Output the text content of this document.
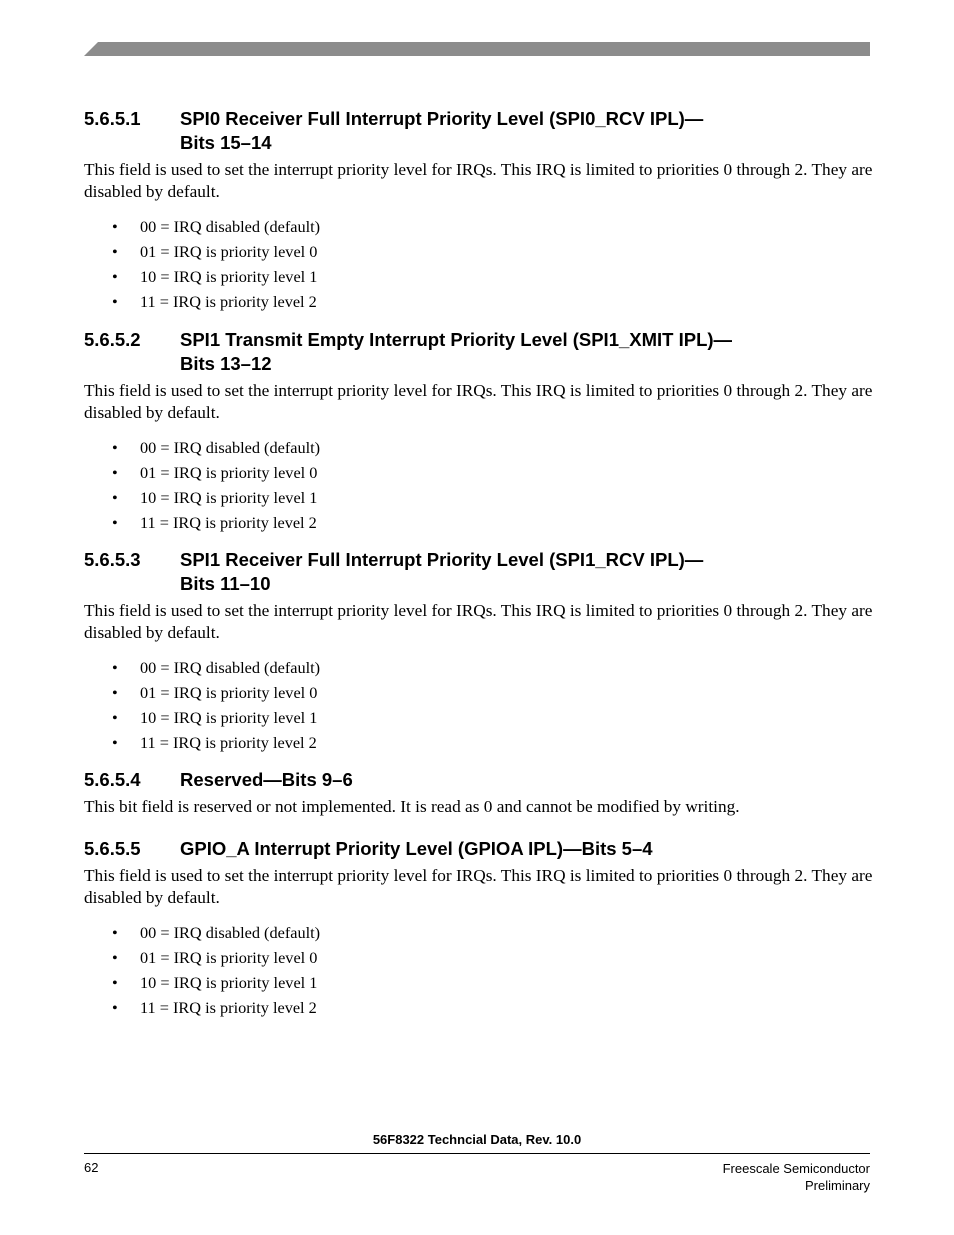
5.6.5.1 SPI0 Receiver Full Interrupt Priority Level (SPI0_RCV IPL)—
Bits 15–14
This field is used to set the interrupt priority level for IRQs. This IRQ is limited to priorities 0 through 2. They are disabled by default.
• 00 = IRQ disabled (default)
• 01 = IRQ is priority level 0
• 10 = IRQ is priority level 1
• 11 = IRQ is priority level 2
5.6.5.2 SPI1 Transmit Empty Interrupt Priority Level (SPI1_XMIT IPL)—
Bits 13–12
This field is used to set the interrupt priority level for IRQs. This IRQ is limited to priorities 0 through 2. They are disabled by default.
• 00 = IRQ disabled (default)
• 01 = IRQ is priority level 0
• 10 = IRQ is priority level 1
• 11 = IRQ is priority level 2
5.6.5.3 SPI1 Receiver Full Interrupt Priority Level (SPI1_RCV IPL)—
Bits 11–10
This field is used to set the interrupt priority level for IRQs. This IRQ is limited to priorities 0 through 2. They are disabled by default.
• 00 = IRQ disabled (default)
• 01 = IRQ is priority level 0
• 10 = IRQ is priority level 1
• 11 = IRQ is priority level 2
5.6.5.4 Reserved—Bits 9–6
This bit field is reserved or not implemented. It is read as 0 and cannot be modified by writing.
5.6.5.5 GPIO_A Interrupt Priority Level (GPIOA IPL)—Bits 5–4
This field is used to set the interrupt priority level for IRQs. This IRQ is limited to priorities 0 through 2. They are disabled by default.
• 00 = IRQ disabled (default)
• 01 = IRQ is priority level 0
• 10 = IRQ is priority level 1
• 11 = IRQ is priority level 2
56F8322 Techncial Data, Rev. 10.0
62	Freescale Semiconductor
Preliminary
